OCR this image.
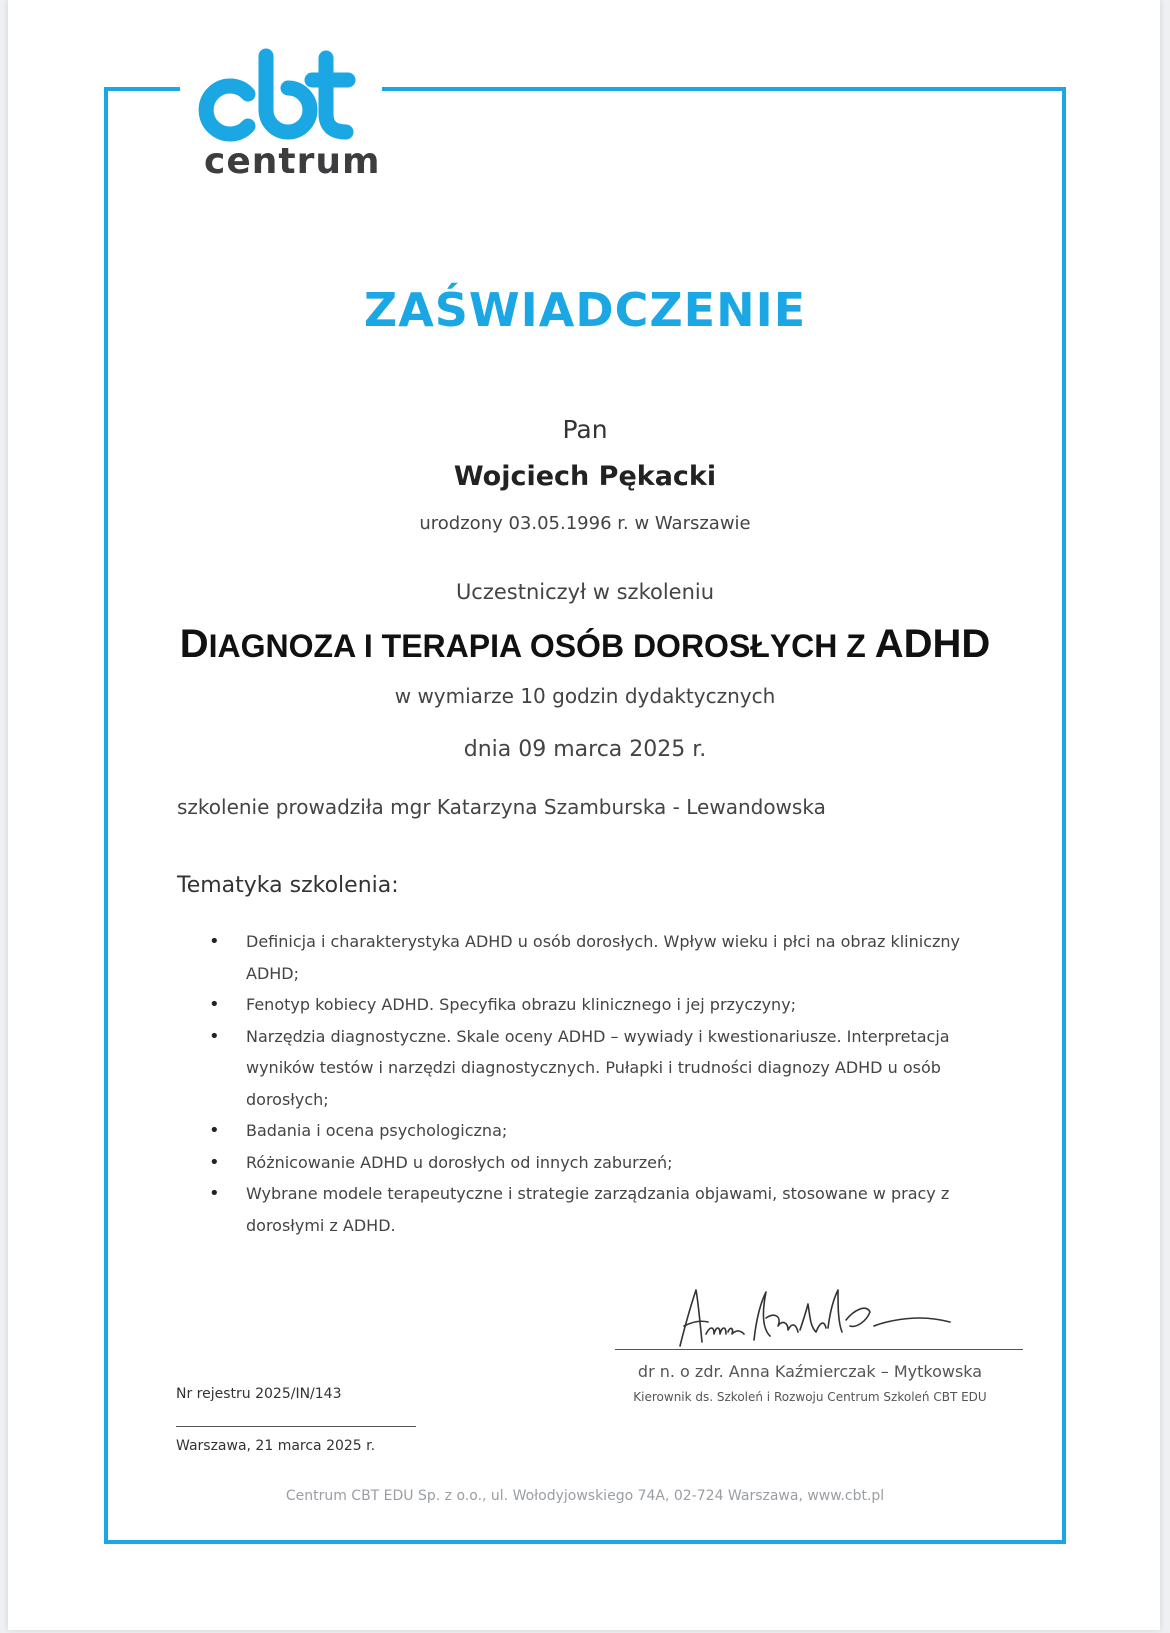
centrum
ZAŚWIADCZENIE
Pan
Wojciech Pękacki
urodzony 03.05.1996 r. w Warszawie
Uczestniczył w szkoleniu
DIAGNOZA I TERAPIA OSÓB DOROSŁYCH Z ADHD
w wymiarze 10 godzin dydaktycznych
dnia 09 marca 2025 r.
szkolenie prowadziła mgr Katarzyna Szamburska - Lewandowska
Tematyka szkolenia:
• Definicja i charakterystyka ADHD u osób dorosłych. Wpływ wieku i płci na obraz kliniczny ADHD;
• Fenotyp kobiecy ADHD. Specyfika obrazu klinicznego i jej przyczyny;
• Narzędzia diagnostyczne. Skale oceny ADHD – wywiady i kwestionariusze. Interpretacja wyników testów i narzędzi diagnostycznych. Pułapki i trudności diagnozy ADHD u osób dorosłych;
• Badania i ocena psychologiczna;
• Różnicowanie ADHD u dorosłych od innych zaburzeń;
• Wybrane modele terapeutyczne i strategie zarządzania objawami, stosowane w pracy z dorosłymi z ADHD.
dr n. o zdr. Anna Kaźmierczak – Mytkowska
Kierownik ds. Szkoleń i Rozwoju Centrum Szkoleń CBT EDU
Nr rejestru 2025/IN/143
Warszawa, 21 marca 2025 r.
Centrum CBT EDU Sp. z o.o., ul. Wołodyjowskiego 74A, 02-724 Warszawa, www.cbt.pl
